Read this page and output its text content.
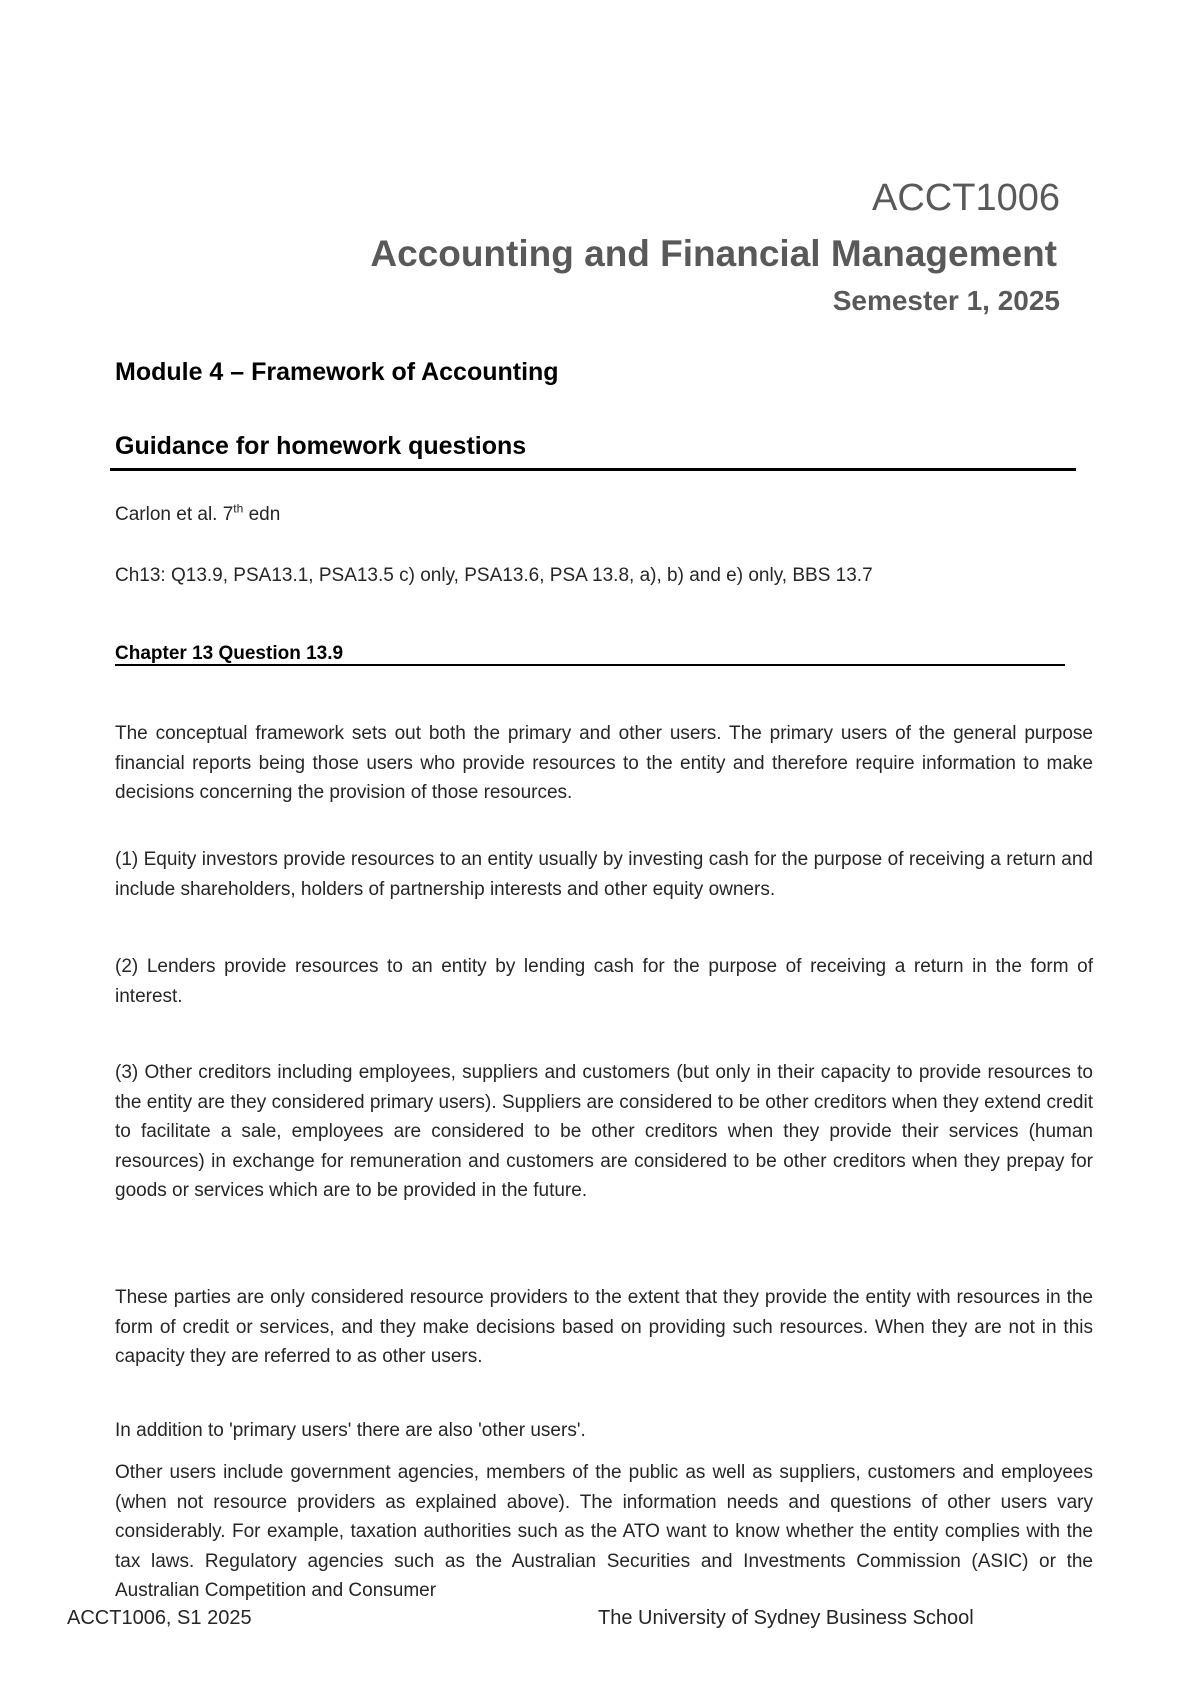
ACCT1006
Accounting and Financial Management
Semester 1, 2025
Module 4 – Framework of Accounting
Guidance for homework questions
Carlon et al. 7th edn
Ch13: Q13.9, PSA13.1, PSA13.5 c) only, PSA13.6, PSA 13.8, a), b) and e) only, BBS 13.7
Chapter 13 Question 13.9

The conceptual framework sets out both the primary and other users. The primary users of the general purpose financial reports being those users who provide resources to the entity and therefore require information to make decisions concerning the provision of those resources.

(1) Equity investors provide resources to an entity usually by investing cash for the purpose of receiving a return and include shareholders, holders of partnership interests and other equity owners.

(2) Lenders provide resources to an entity by lending cash for the purpose of receiving a return in the form of interest.

(3) Other creditors including employees, suppliers and customers (but only in their capacity to provide resources to the entity are they considered primary users). Suppliers are considered to be other creditors when they extend credit to facilitate a sale, employees are considered to be other creditors when they provide their services (human resources) in exchange for remuneration and customers are considered to be other creditors when they prepay for goods or services which are to be provided in the future.

These parties are only considered resource providers to the extent that they provide the entity with resources in the form of credit or services, and they make decisions based on providing such resources. When they are not in this capacity they are referred to as other users.

In addition to 'primary users' there are also 'other users'.

Other users include government agencies, members of the public as well as suppliers, customers and employees (when not resource providers as explained above). The information needs and questions of other users vary considerably. For example, taxation authorities such as the ATO want to know whether the entity complies with the tax laws. Regulatory agencies such as the Australian Securities and Investments Commission (ASIC) or the Australian Competition and Consumer

ACCT1006, S1 2025	The University of Sydney Business School
